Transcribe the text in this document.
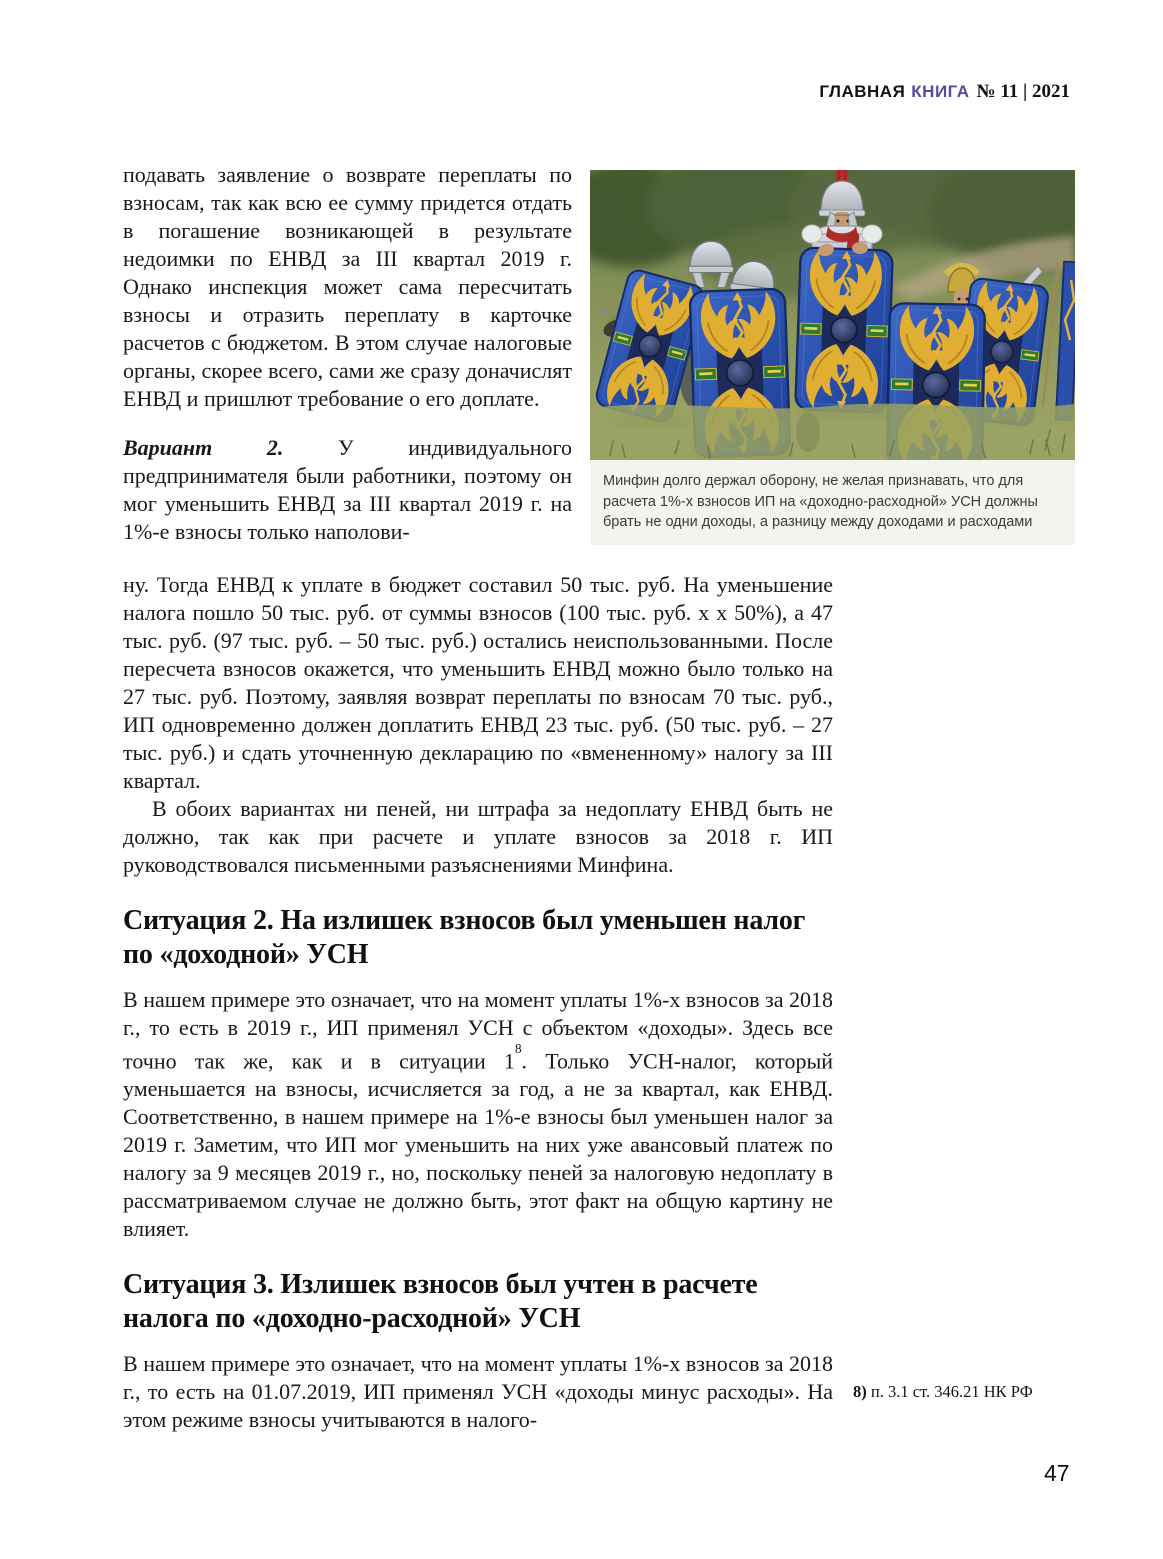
ГЛАВНАЯ КНИГА № 11 | 2021

подавать заявление о возврате переплаты по взносам, так как всю ее сумму придется отдать в погашение возникающей в результате недоимки по ЕНВД за III квартал 2019 г. Однако инспекция может сама пересчитать взносы и отразить переплату в карточке расчетов с бюджетом. В этом случае налоговые органы, скорее всего, сами же сразу доначислят ЕНВД и пришлют требование о его доплате.

Вариант 2. У индивидуального предпринимателя были работники, поэтому он мог уменьшить ЕНВД за III квартал 2019 г. на 1%-е взносы только наполови-

Минфин долго держал оборону, не желая признавать, что для расчета 1%-х взносов ИП на «доходно-расходной» УСН должны брать не одни доходы, а разницу между доходами и расходами

ну. Тогда ЕНВД к уплате в бюджет составил 50 тыс. руб. На уменьшение налога пошло 50 тыс. руб. от суммы взносов (100 тыс. руб. х х 50%), а 47 тыс. руб. (97 тыс. руб. – 50 тыс. руб.) остались неиспользованными. После пересчета взносов окажется, что уменьшить ЕНВД можно было только на 27 тыс. руб. Поэтому, заявляя возврат переплаты по взносам 70 тыс. руб., ИП одновременно должен доплатить ЕНВД 23 тыс. руб. (50 тыс. руб. – 27 тыс. руб.) и сдать уточненную декларацию по «вмененному» налогу за III квартал.

В обоих вариантах ни пеней, ни штрафа за недоплату ЕНВД быть не должно, так как при расчете и уплате взносов за 2018 г. ИП руководствовался письменными разъяснениями Минфина.

Ситуация 2. На излишек взносов был уменьшен налог по «доходной» УСН

В нашем примере это означает, что на момент уплаты 1%-х взносов за 2018 г., то есть в 2019 г., ИП применял УСН с объектом «доходы». Здесь все точно так же, как и в ситуации 1$^8$. Только УСН-налог, который уменьшается на взносы, исчисляется за год, а не за квартал, как ЕНВД. Соответственно, в нашем примере на 1%-е взносы был уменьшен налог за 2019 г. Заметим, что ИП мог уменьшить на них уже авансовый платеж по налогу за 9 месяцев 2019 г., но, поскольку пеней за налоговую недоплату в рассматриваемом случае не должно быть, этот факт на общую картину не влияет.

Ситуация 3. Излишек взносов был учтен в расчете налога по «доходно-расходной» УСН

В нашем примере это означает, что на момент уплаты 1%-х взносов за 2018 г., то есть на 01.07.2019, ИП применял УСН «доходы минус расходы». На этом режиме взносы учитываются в налого-

8) п. 3.1 ст. 346.21 НК РФ
47
